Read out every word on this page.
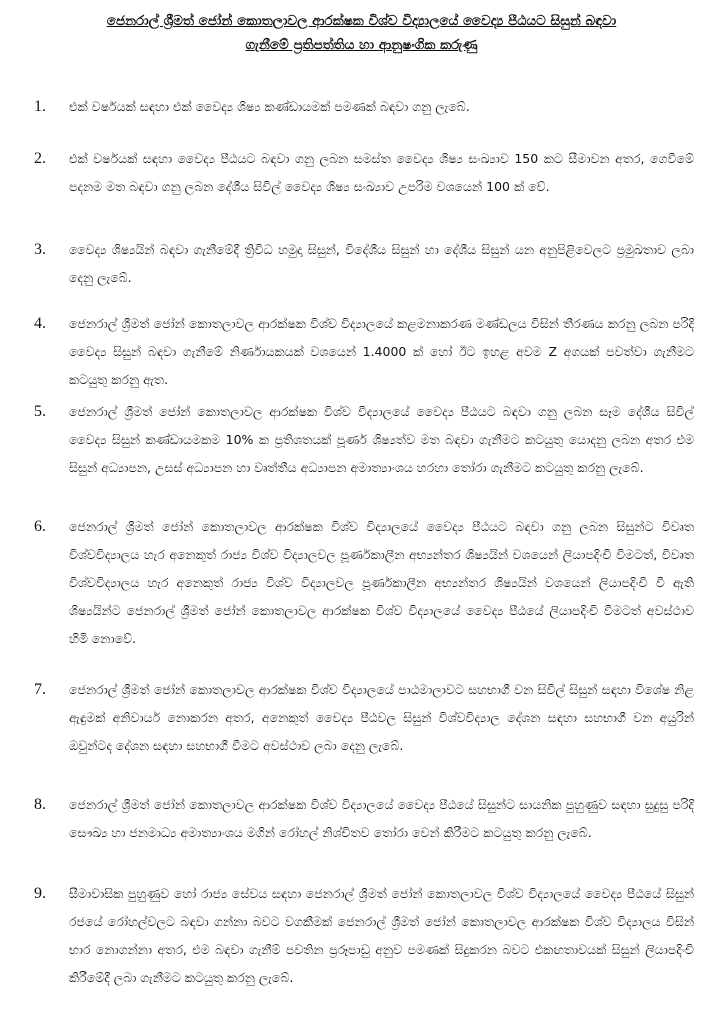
ජෙනරාල් ශ්‍රීමත් ජෝන් කොතලාවල ආරක්ෂක විශ්ව විද්‍යාලයේ වෛද්‍ය පීඨයට සිසුන් බඳවා
ගැනීමේ ප්‍රතිපත්තිය හා ආනුෂංගික කරුණු
1.	එක් වර්ෂයක් සඳහා එක් වෛද්‍ය ශිෂ්‍ය කණ්ඩායමක් පමණක් බඳවා ගනු ලැබේ.
2.	එක් වර්ෂයක් සඳහා වෛද්‍ය පීඨයට බඳවා ගනු ලබන සමස්ත වෛද්‍ය ශිෂ්‍ය සංඛ්‍යාව 150 කට සීමාවන අතර, ගෙවීමේ පදනම මත බඳවා ගනු ලබන දේශීය සිවිල් වෛද්‍ය ශිෂ්‍ය සංඛ්‍යාව උපරිම වශයෙන් 100 ක් වේ.
3.	වෛද්‍ය ශිෂ්‍යයින් බඳවා ගැනීමේදී ත්‍රිවිධ හමුදා සිසුන්, විදේශීය සිසුන් හා දේශීය සිසුන් යන අනුපිළිවෙලට ප්‍රමුඛතාව ලබා දෙනු ලැබේ.
4.	ජෙනරාල් ශ්‍රීමත් ජෝන් කොතලාවල ආරක්ෂක විශ්ව විද්‍යාලයේ කළමනාකරණ මණ්ඩලය විසින් තීරණය කරනු ලබන පරිදි වෛද්‍ය සිසුන් බඳවා ගැනීමේ නිර්ණායකයක් වශයෙන් 1.4000 ක් හෝ ඊට ඉහළ අවම Z අගයක් පවත්වා ගැනීමට කටයුතු කරනු ඇත.
5.	ජෙනරාල් ශ්‍රීමත් ජෝන් කොතලාවල ආරක්ෂක විශ්ව විද්‍යාලයේ වෛද්‍ය පීඨයට බඳවා ගනු ලබන සෑම දේශීය සිවිල් වෛද්‍ය සිසුන් කණ්ඩායමකම 10% ක ප්‍රතිශතයක් පූර්ණ ශිෂ්‍යත්ව මත බඳවා ගැනීමට කටයුතු යොදනු ලබන අතර එම සිසුන් අධ්‍යාපන, උසස් අධ්‍යාපන හා වෘත්තීය අධ්‍යාපන අමාත්‍යාංශය හරහා තෝරා ගැනීමට කටයුතු කරනු ලැබේ.
6.	ජෙනරාල් ශ්‍රීමත් ජෝන් කොතලාවල ආරක්ෂක විශ්ව විද්‍යාලයේ වෛද්‍ය පීඨයට බඳවා ගනු ලබන සිසුන්ට විවෘත විශ්වවිද්‍යාලය හැර අනෙකුත් රාජ්‍ය විශ්ව විද්‍යාලවල පූර්ණකාලීන අභ්‍යන්තර ශිෂ්‍යයින් වශයෙන් ලියාපදිංචි වීමටත්, විවෘත විශ්වවිද්‍යාලය හැර අනෙකුත් රාජ්‍ය විශ්ව විද්‍යාලවල පූර්ණකාලීන අභ්‍යන්තර ශිෂ්‍යයින් වශයෙන් ලියාපදිංචි වී ඇති ශිෂ්‍යයින්ට ජෙනරාල් ශ්‍රීමත් ජෝන් කොතලාවල ආරක්ෂක විශ්ව විද්‍යාලයේ වෛද්‍ය පීඨයේ ලියාපදිංචි වීමටත් අවස්ථාව හිමි නොවේ.
7.	ජෙනරාල් ශ්‍රීමත් ජෝන් කොතලාවල ආරක්ෂක විශ්ව විද්‍යාලයේ පාඨමාලාවට සහභාගී වන සිවිල් සිසුන් සඳහා විශේෂ නිළ ඇඳුමක් අනිවාර්ය නොකරන අතර, අනෙකුත් වෛද්‍ය පීඨවල සිසුන් විශ්වවිද්‍යාල දේශන සඳහා සහභාගී වන අයුරින් ඔවුන්ටද දේශන සඳහා සහභාගී වීමට අවස්ථාව ලබා දෙනු ලැබේ.
8.	ජෙනරාල් ශ්‍රීමත් ජෝන් කොතලාවල ආරක්ෂක විශ්ව විද්‍යාලයේ වෛද්‍ය පීඨයේ සිසුන්ට සායනික පුහුණුව සඳහා සුදුසු පරිදි සෞඛ්‍ය හා ජනමාධ්‍ය අමාත්‍යාංශය මගින් රෝහල් නිශ්චිතව තෝරා වෙන් කිරීමට කටයුතු කරනු ලැබේ.
9.	සීමාවාසික පුහුණුව හෝ රාජ්‍ය සේවය සඳහා ජෙනරාල් ශ්‍රීමත් ජෝන් කොතලාවල විශ්ව විද්‍යාලයේ වෛද්‍ය පීඨයේ සිසුන් රජයේ රෝහල්වලට බඳවා ගන්නා බවට වගකීමක් ජෙනරාල් ශ්‍රීමත් ජෝන් කොතලාවල ආරක්ෂක විශ්ව විද්‍යාලය විසින් භාර නොගන්නා අතර, එම බඳවා ගැනීම් පවතින ප්‍රරූපාඩු අනුව පමණක් සිදුකරන බවට එකඟතාවයක් සිසුන් ලියාපදිංචි කිරීමේදී ලබා ගැනීමට කටයුතු කරනු ලැබේ.
